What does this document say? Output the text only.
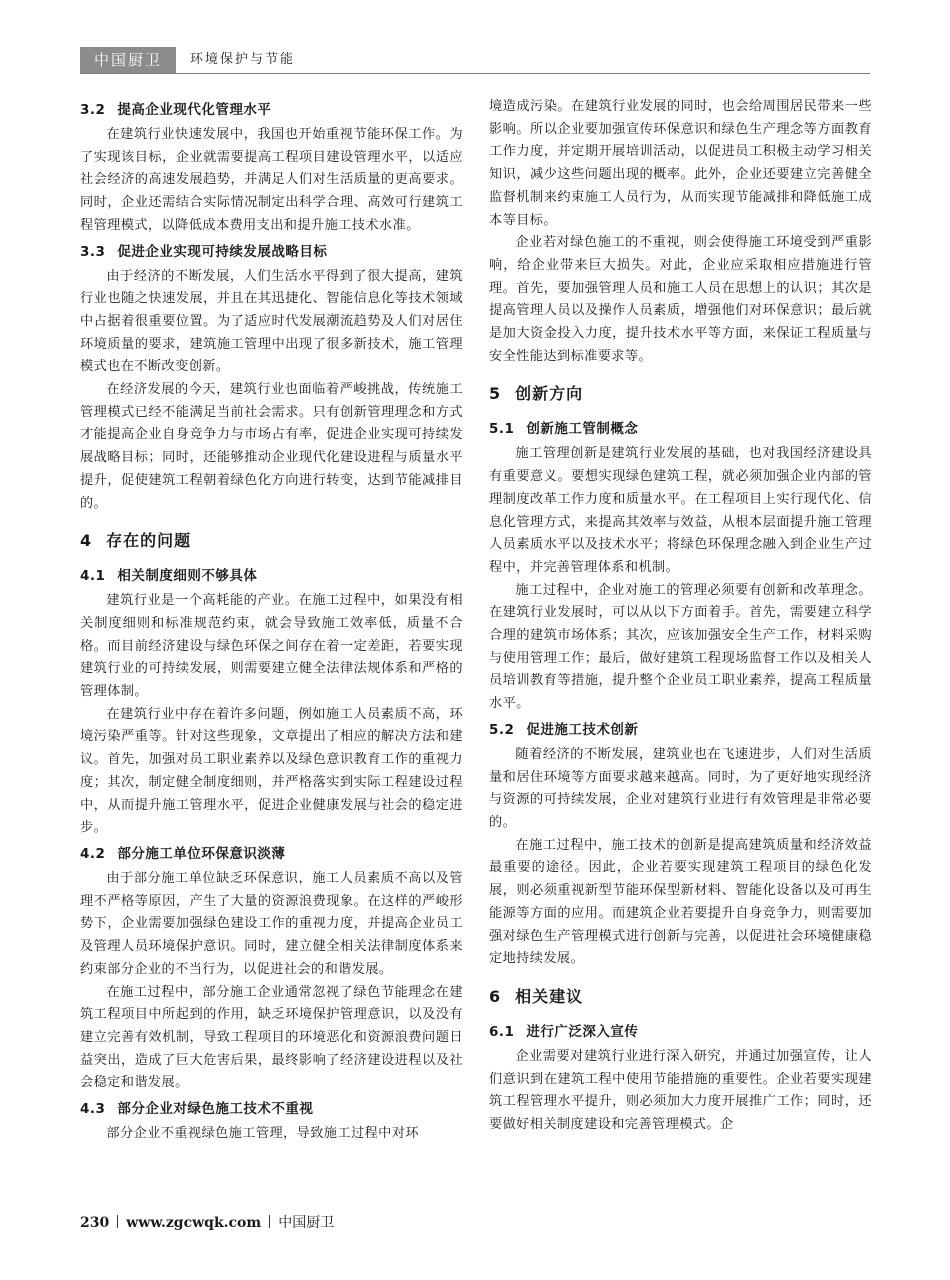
中国厨卫	环境保护与节能
3.2 提高企业现代化管理水平

在建筑行业快速发展中，我国也开始重视节能环保工作。为了实现该目标，企业就需要提高工程项目建设管理水平，以适应社会经济的高速发展趋势，并满足人们对生活质量的更高要求。同时，企业还需结合实际情况制定出科学合理、高效可行建筑工程管理模式，以降低成本费用支出和提升施工技术水准。

3.3 促进企业实现可持续发展战略目标

由于经济的不断发展，人们生活水平得到了很大提高，建筑行业也随之快速发展，并且在其迅捷化、智能信息化等技术领域中占据着很重要位置。为了适应时代发展潮流趋势及人们对居住环境质量的要求，建筑施工管理中出现了很多新技术，施工管理模式也在不断改变创新。

在经济发展的今天，建筑行业也面临着严峻挑战，传统施工管理模式已经不能满足当前社会需求。只有创新管理理念和方式才能提高企业自身竞争力与市场占有率，促进企业实现可持续发展战略目标；同时，还能够推动企业现代化建设进程与质量水平提升，促使建筑工程朝着绿色化方向进行转变，达到节能减排目的。

4 存在的问题
4.1 相关制度细则不够具体

建筑行业是一个高耗能的产业。在施工过程中，如果没有相关制度细则和标准规范约束，就会导致施工效率低，质量不合格。而目前经济建设与绿色环保之间存在着一定差距，若要实现建筑行业的可持续发展，则需要建立健全法律法规体系和严格的管理体制。

在建筑行业中存在着许多问题，例如施工人员素质不高，环境污染严重等。针对这些现象，文章提出了相应的解决方法和建议。首先，加强对员工职业素养以及绿色意识教育工作的重视力度；其次，制定健全制度细则，并严格落实到实际工程建设过程中，从而提升施工管理水平，促进企业健康发展与社会的稳定进步。

4.2 部分施工单位环保意识淡薄

由于部分施工单位缺乏环保意识，施工人员素质不高以及管理不严格等原因，产生了大量的资源浪费现象。在这样的严峻形势下，企业需要加强绿色建设工作的重视力度，并提高企业员工及管理人员环境保护意识。同时，建立健全相关法律制度体系来约束部分企业的不当行为，以促进社会的和谐发展。

在施工过程中，部分施工企业通常忽视了绿色节能理念在建筑工程项目中所起到的作用，缺乏环境保护管理意识，以及没有建立完善有效机制，导致工程项目的环境恶化和资源浪费问题日益突出，造成了巨大危害后果，最终影响了经济建设进程以及社会稳定和谐发展。

4.3 部分企业对绿色施工技术不重视

部分企业不重视绿色施工管理，导致施工过程中对环

境造成污染。在建筑行业发展的同时，也会给周围居民带来一些影响。所以企业要加强宣传环保意识和绿色生产理念等方面教育工作力度，并定期开展培训活动，以促进员工积极主动学习相关知识，减少这些问题出现的概率。此外，企业还要建立完善健全监督机制来约束施工人员行为，从而实现节能减排和降低施工成本等目标。

企业若对绿色施工的不重视，则会使得施工环境受到严重影响，给企业带来巨大损失。对此，企业应采取相应措施进行管理。首先，要加强管理人员和施工人员在思想上的认识；其次是提高管理人员以及操作人员素质，增强他们对环保意识；最后就是加大资金投入力度，提升技术水平等方面，来保证工程质量与安全性能达到标准要求等。

5 创新方向
5.1 创新施工管制概念

施工管理创新是建筑行业发展的基础，也对我国经济建设具有重要意义。要想实现绿色建筑工程，就必须加强企业内部的管理制度改革工作力度和质量水平。在工程项目上实行现代化、信息化管理方式，来提高其效率与效益，从根本层面提升施工管理人员素质水平以及技术水平；将绿色环保理念融入到企业生产过程中，并完善管理体系和机制。

施工过程中，企业对施工的管理必须要有创新和改革理念。在建筑行业发展时，可以从以下方面着手。首先，需要建立科学合理的建筑市场体系；其次，应该加强安全生产工作，材料采购与使用管理工作；最后，做好建筑工程现场监督工作以及相关人员培训教育等措施，提升整个企业员工职业素养，提高工程质量水平。

5.2 促进施工技术创新

随着经济的不断发展，建筑业也在飞速进步，人们对生活质量和居住环境等方面要求越来越高。同时，为了更好地实现经济与资源的可持续发展，企业对建筑行业进行有效管理是非常必要的。

在施工过程中，施工技术的创新是提高建筑质量和经济效益最重要的途径。因此，企业若要实现建筑工程项目的绿色化发展，则必须重视新型节能环保型新材料、智能化设备以及可再生能源等方面的应用。而建筑企业若要提升自身竞争力，则需要加强对绿色生产管理模式进行创新与完善，以促进社会环境健康稳定地持续发展。

6 相关建议
6.1 进行广泛深入宣传

企业需要对建筑行业进行深入研究，并通过加强宣传，让人们意识到在建筑工程中使用节能措施的重要性。企业若要实现建筑工程管理水平提升，则必须加大力度开展推广工作；同时，还要做好相关制度建设和完善管理模式。企

230 www.zgcwqk.com 中国厨卫
